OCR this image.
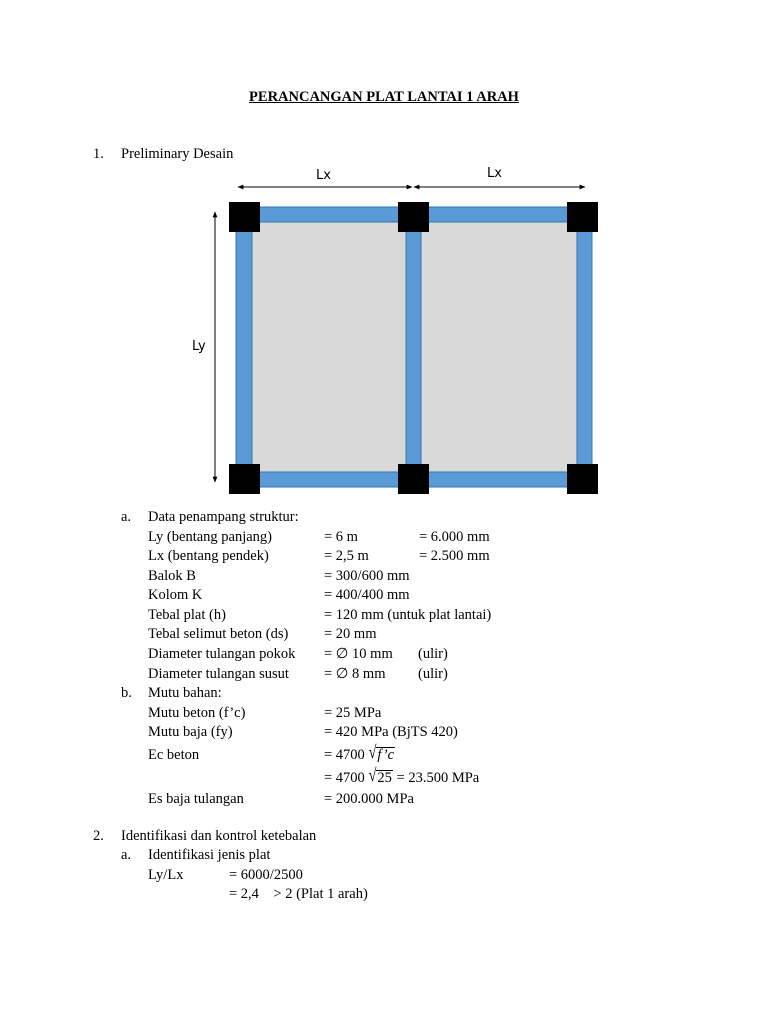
PERANCANGAN PLAT LANTAI 1 ARAH
1. Preliminary Desain
Lx	Lx
Ly
a. Data penampang struktur:
Ly (bentang panjang)	= 6 m	= 6.000 mm
Lx (bentang pendek)	= 2,5 m	= 2.500 mm
Balok B	= 300/600 mm
Kolom K	= 400/400 mm
Tebal plat (h)	= 120 mm (untuk plat lantai)
Tebal selimut beton (ds) = 20 mm
Diameter tulangan pokok = ∅ 10 mm (ulir)
Diameter tulangan susut = ∅ 8 mm (ulir)
b. Mutu bahan:
Mutu beton (f’c)	= 25 MPa
Mutu baja (fy)	= 420 MPa (BjTS 420)
Ec beton	= 4700 √f’c
= 4700 √25 = 23.500 MPa
Es baja tulangan	= 200.000 MPa
2. Identifikasi dan kontrol ketebalan
a. Identifikasi jenis plat
Ly/Lx	= 6000/2500
= 2,4    > 2 (Plat 1 arah)
